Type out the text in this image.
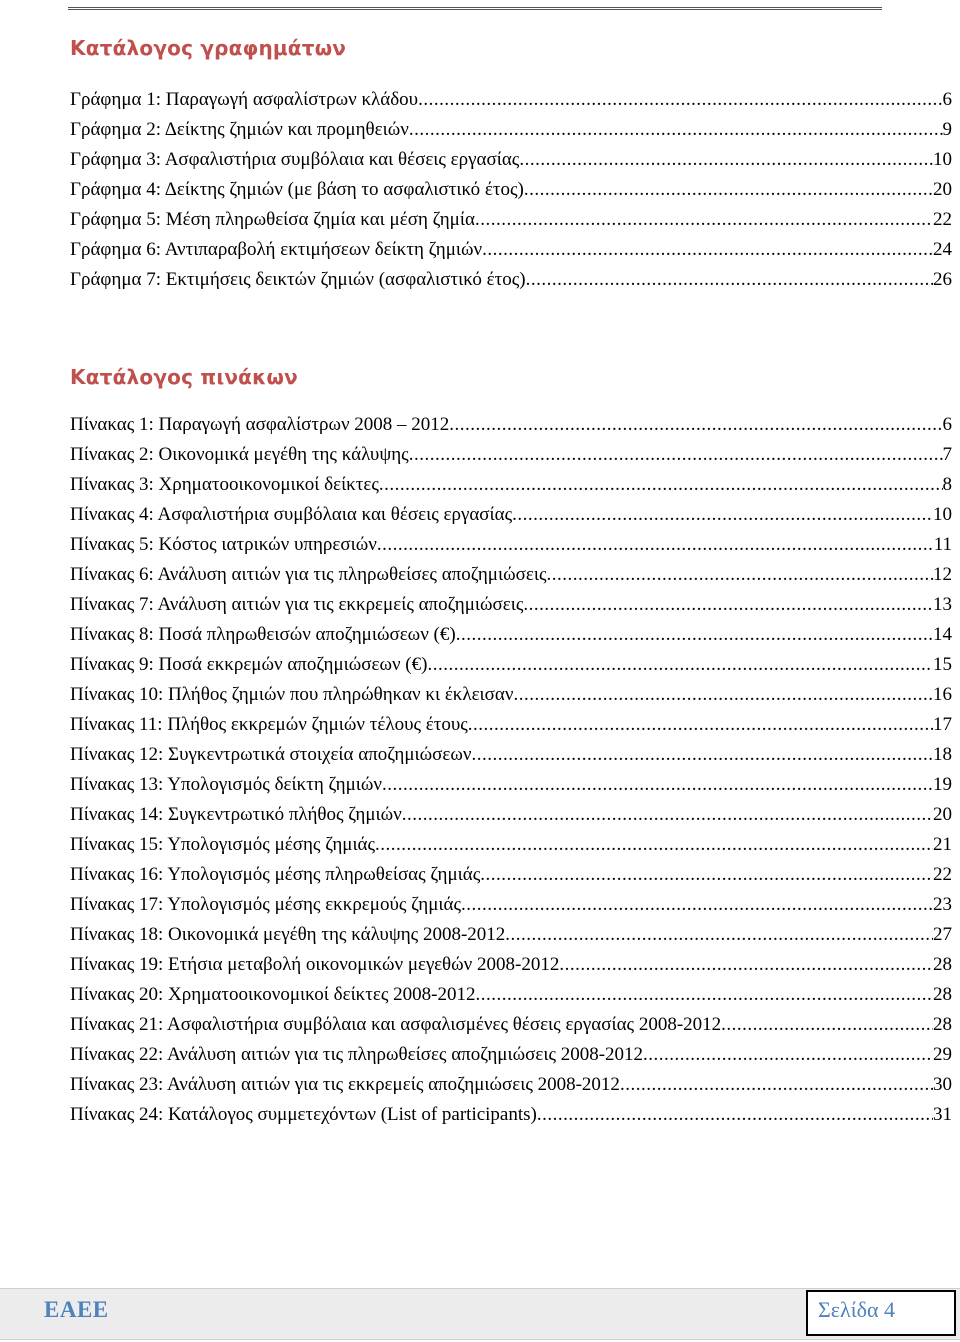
Κατάλογος γραφημάτων
Γράφημα 1: Παραγωγή ασφαλίστρων κλάδου .....	6
Γράφημα 2: Δείκτης ζημιών και προμηθειών .....	9
Γράφημα 3: Ασφαλιστήρια συμβόλαια και θέσεις εργασίας .....	10
Γράφημα 4: Δείκτης ζημιών (με βάση το ασφαλιστικό έτος) .....	20
Γράφημα 5: Μέση πληρωθείσα ζημία και μέση ζημία .....	22
Γράφημα 6: Αντιπαραβολή εκτιμήσεων δείκτη ζημιών .....	24
Γράφημα 7: Εκτιμήσεις δεικτών ζημιών (ασφαλιστικό έτος) .....	26
Κατάλογος πινάκων
Πίνακας 1: Παραγωγή ασφαλίστρων 2008 – 2012 .....	6
Πίνακας 2: Οικονομικά μεγέθη της κάλυψης .....	7
Πίνακας 3: Χρηματοοικονομικοί δείκτες .....	8
Πίνακας 4: Ασφαλιστήρια συμβόλαια και θέσεις εργασίας .....	10
Πίνακας 5: Κόστος ιατρικών υπηρεσιών .....	11
Πίνακας 6: Ανάλυση αιτιών για τις πληρωθείσες αποζημιώσεις .....	12
Πίνακας 7: Ανάλυση αιτιών για τις εκκρεμείς αποζημιώσεις .....	13
Πίνακας 8: Ποσά πληρωθεισών αποζημιώσεων (€) .....	14
Πίνακας 9: Ποσά εκκρεμών αποζημιώσεων (€) .....	15
Πίνακας 10: Πλήθος ζημιών που πληρώθηκαν κι έκλεισαν .....	16
Πίνακας 11: Πλήθος εκκρεμών ζημιών τέλους έτους .....	17
Πίνακας 12: Συγκεντρωτικά στοιχεία αποζημιώσεων .....	18
Πίνακας 13: Υπολογισμός δείκτη ζημιών .....	19
Πίνακας 14: Συγκεντρωτικό πλήθος ζημιών .....	20
Πίνακας 15: Υπολογισμός μέσης ζημιάς .....	21
Πίνακας 16: Υπολογισμός μέσης πληρωθείσας ζημιάς .....	22
Πίνακας 17: Υπολογισμός μέσης εκκρεμούς ζημιάς .....	23
Πίνακας 18: Οικονομικά μεγέθη της κάλυψης 2008-2012 .....	27
Πίνακας 19: Ετήσια μεταβολή οικονομικών μεγεθών 2008-2012 .....	28
Πίνακας 20: Χρηματοοικονομικοί δείκτες 2008-2012 .....	28
Πίνακας 21: Ασφαλιστήρια συμβόλαια και ασφαλισμένες θέσεις εργασίας 2008-2012 .....	28
Πίνακας 22: Ανάλυση αιτιών για τις πληρωθείσες αποζημιώσεις 2008-2012 .....	29
Πίνακας 23: Ανάλυση αιτιών για τις εκκρεμείς αποζημιώσεις 2008-2012 .....	30
Πίνακας 24: Κατάλογος συμμετεχόντων (List of participants) .....	31
ΕΑΕΕ	Σελίδα 4
